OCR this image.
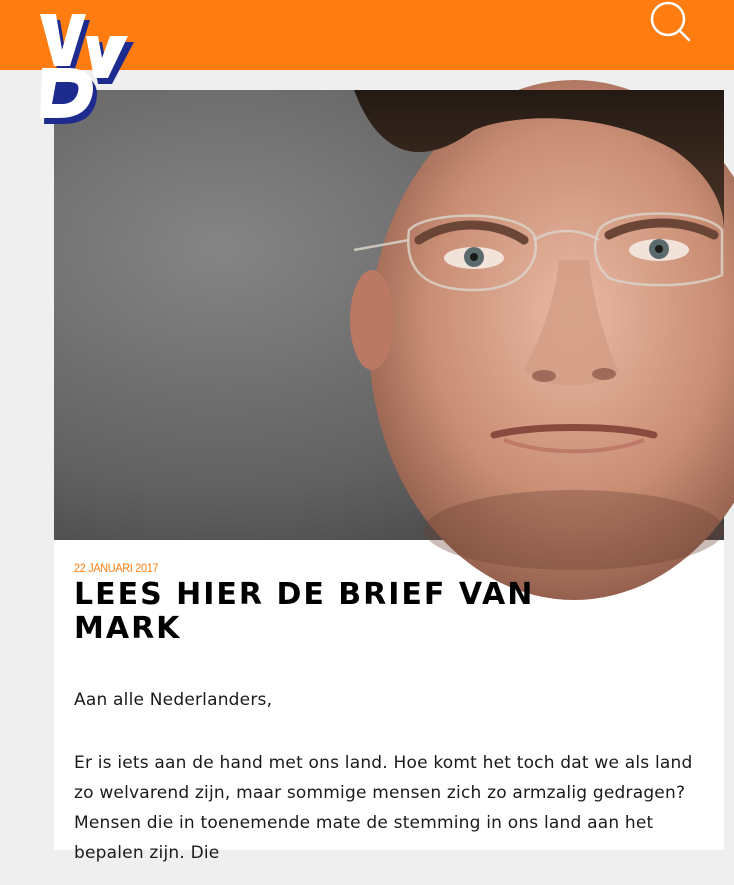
22 JANUARI 2017
LEES HIER DE BRIEF VAN MARK

Aan alle Nederlanders,

Er is iets aan de hand met ons land. Hoe komt het toch dat we als land zo welvarend zijn, maar sommige mensen zich zo armzalig gedragen? Mensen die in toenemende mate de stemming in ons land aan het bepalen zijn. Die
